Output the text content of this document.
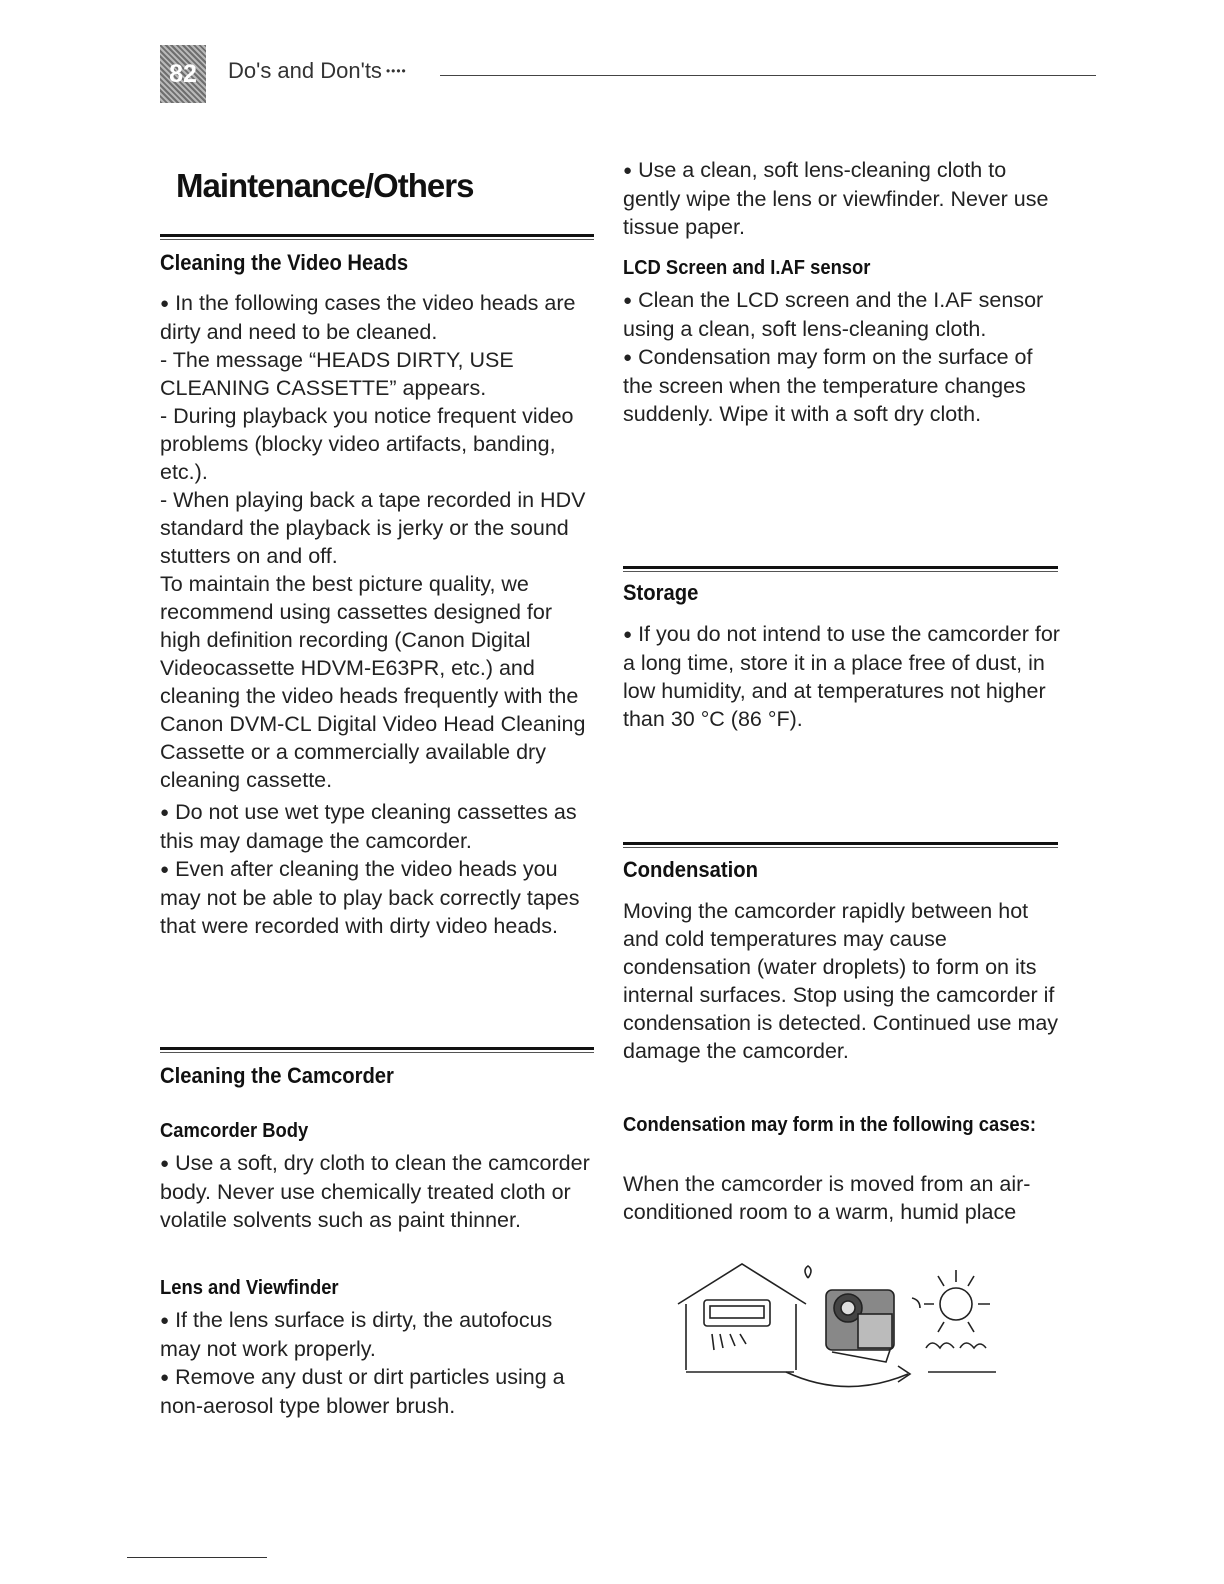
82	Do's and Don'ts ••••
Maintenance/Others
Cleaning the Video Heads

● In the following cases the video heads are dirty and need to be cleaned.

- The message “HEADS DIRTY, USE CLEANING CASSETTE” appears.

- During playback you notice frequent video problems (blocky video artifacts, banding, etc.).

- When playing back a tape recorded in HDV standard the playback is jerky or the sound stutters on and off.

To maintain the best picture quality, we recommend using cassettes designed for high definition recording (Canon Digital Videocassette HDVM-E63PR, etc.) and cleaning the video heads frequently with the Canon DVM-CL Digital Video Head Cleaning Cassette or a commercially available dry cleaning cassette.

● Do not use wet type cleaning cassettes as this may damage the camcorder.

● Even after cleaning the video heads you may not be able to play back correctly tapes that were recorded with dirty video heads.

Cleaning the Camcorder
Camcorder Body

● Use a soft, dry cloth to clean the camcorder body. Never use chemically treated cloth or volatile solvents such as paint thinner.

Lens and Viewfinder

● If the lens surface is dirty, the autofocus may not work properly.

● Remove any dust or dirt particles using a non-aerosol type blower brush.

● Use a clean, soft lens-cleaning cloth to gently wipe the lens or viewfinder. Never use tissue paper.

LCD Screen and I.AF sensor

● Clean the LCD screen and the I.AF sensor using a clean, soft lens-cleaning cloth.

● Condensation may form on the surface of the screen when the temperature changes suddenly. Wipe it with a soft dry cloth.

Storage

● If you do not intend to use the camcorder for a long time, store it in a place free of dust, in low humidity, and at temperatures not higher than 30 °C (86 °F).

Condensation

Moving the camcorder rapidly between hot and cold temperatures may cause condensation (water droplets) to form on its internal surfaces. Stop using the camcorder if condensation is detected. Continued use may damage the camcorder.

Condensation may form in the following cases:

When the camcorder is moved from an air-conditioned room to a warm, humid place
